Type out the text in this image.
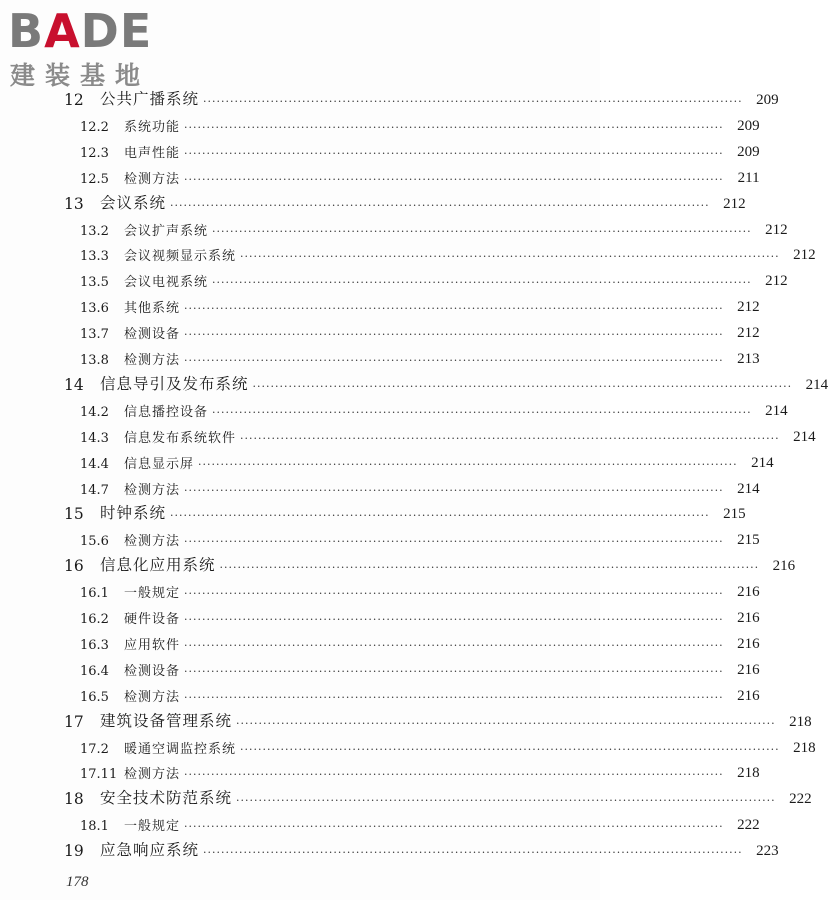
BADE
建装基地
12	公共广播系统 ························································································································ 209
12.2	系统功能 ························································································································ 209
12.3	电声性能 ························································································································ 209
12.5	检测方法 ························································································································ 211
13	会议系统 ························································································································ 212
13.2	会议扩声系统 ························································································································ 212
13.3	会议视频显示系统 ························································································································ 212
13.5	会议电视系统 ························································································································ 212
13.6	其他系统 ························································································································ 212
13.7	检测设备 ························································································································ 212
13.8	检测方法 ························································································································ 213
14	信息导引及发布系统 ························································································································ 214
14.2	信息播控设备 ························································································································ 214
14.3	信息发布系统软件 ························································································································ 214
14.4	信息显示屏 ························································································································ 214
14.7	检测方法 ························································································································ 214
15	时钟系统 ························································································································ 215
15.6	检测方法 ························································································································ 215
16	信息化应用系统 ························································································································ 216
16.1	一般规定 ························································································································ 216
16.2	硬件设备 ························································································································ 216
16.3	应用软件 ························································································································ 216
16.4	检测设备 ························································································································ 216
16.5	检测方法 ························································································································ 216
17	建筑设备管理系统 ························································································································ 218
17.2	暖通空调监控系统 ························································································································ 218
17.11 检测方法 ························································································································ 218
18	安全技术防范系统 ························································································································ 222
18.1	一般规定 ························································································································ 222
19	应急响应系统 ························································································································ 223
178
